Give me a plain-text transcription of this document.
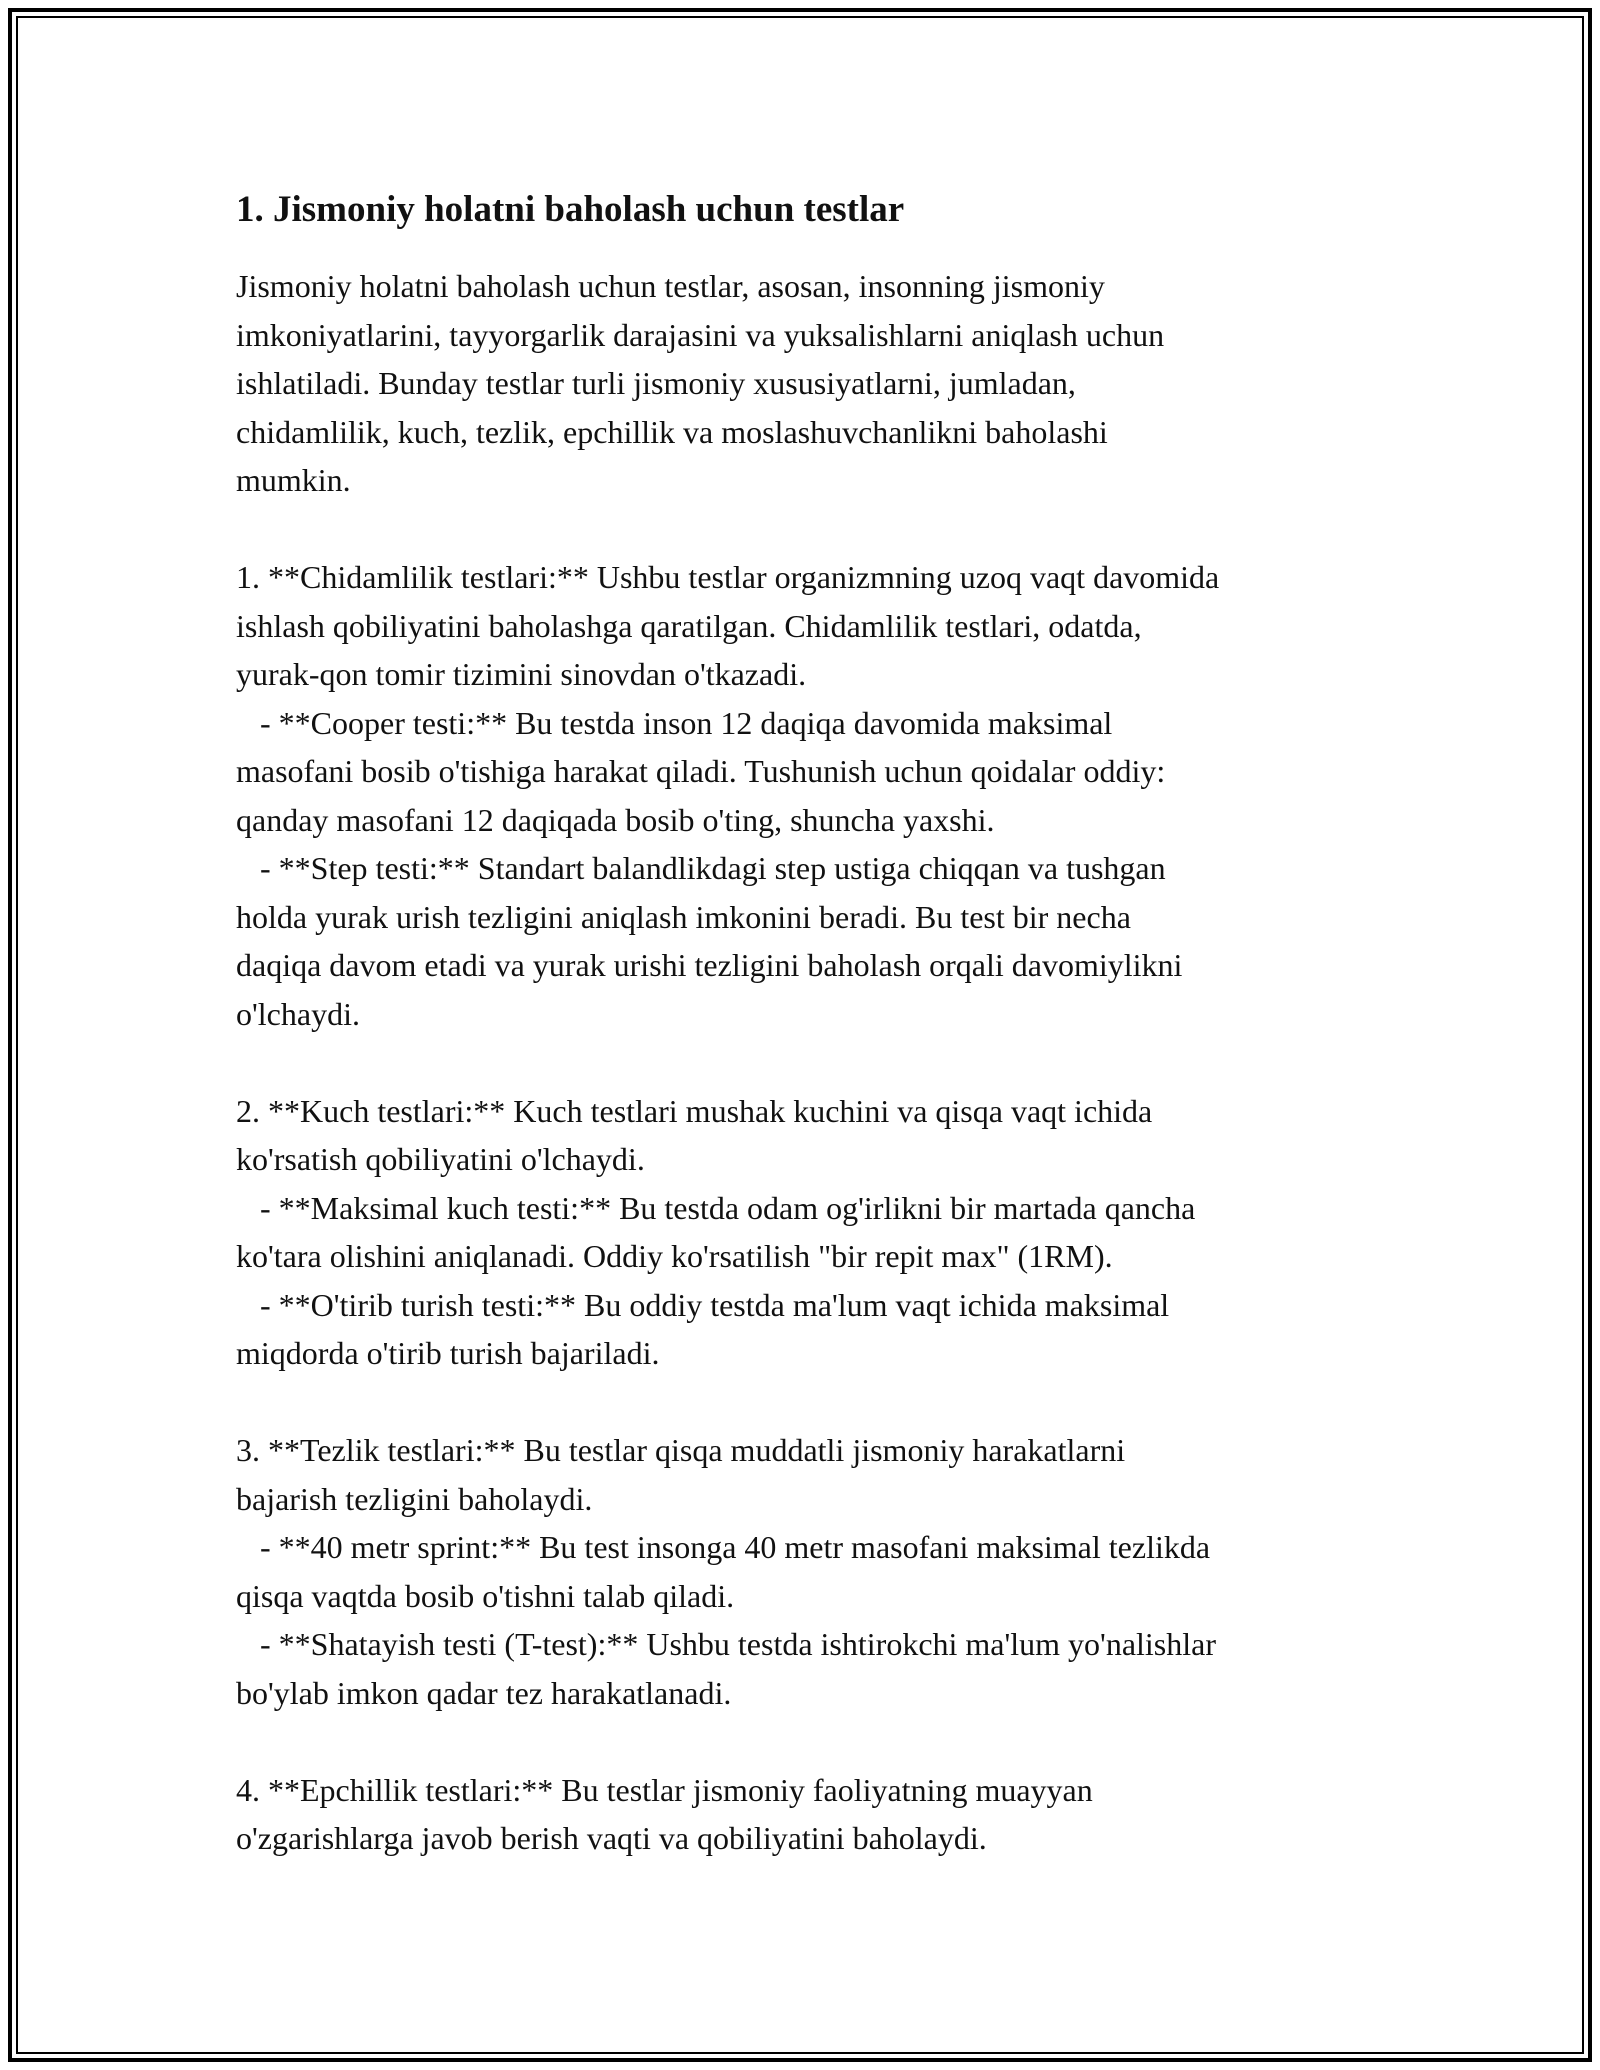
1. Jismoniy holatni baholash uchun testlar

Jismoniy holatni baholash uchun testlar, asosan, insonning jismoniy
imkoniyatlarini, tayyorgarlik darajasini va yuksalishlarni aniqlash uchun
ishlatiladi. Bunday testlar turli jismoniy xususiyatlarni, jumladan,
chidamlilik, kuch, tezlik, epchillik va moslashuvchanlikni baholashi
mumkin.

1. **Chidamlilik testlari:** Ushbu testlar organizmning uzoq vaqt davomida
ishlash qobiliyatini baholashga qaratilgan. Chidamlilik testlari, odatda,
yurak-qon tomir tizimini sinovdan o'tkazadi.
- **Cooper testi:** Bu testda inson 12 daqiqa davomida maksimal
masofani bosib o'tishiga harakat qiladi. Tushunish uchun qoidalar oddiy:
qanday masofani 12 daqiqada bosib o'ting, shuncha yaxshi.
- **Step testi:** Standart balandlikdagi step ustiga chiqqan va tushgan
holda yurak urish tezligini aniqlash imkonini beradi. Bu test bir necha
daqiqa davom etadi va yurak urishi tezligini baholash orqali davomiylikni
o'lchaydi.

2. **Kuch testlari:** Kuch testlari mushak kuchini va qisqa vaqt ichida
ko'rsatish qobiliyatini o'lchaydi.
- **Maksimal kuch testi:** Bu testda odam og'irlikni bir martada qancha
ko'tara olishini aniqlanadi. Oddiy ko'rsatilish "bir repit max" (1RM).
- **O'tirib turish testi:** Bu oddiy testda ma'lum vaqt ichida maksimal
miqdorda o'tirib turish bajariladi.

3. **Tezlik testlari:** Bu testlar qisqa muddatli jismoniy harakatlarni
bajarish tezligini baholaydi.
- **40 metr sprint:** Bu test insonga 40 metr masofani maksimal tezlikda
qisqa vaqtda bosib o'tishni talab qiladi.
- **Shatayish testi (T-test):** Ushbu testda ishtirokchi ma'lum yo'nalishlar
bo'ylab imkon qadar tez harakatlanadi.

4. **Epchillik testlari:** Bu testlar jismoniy faoliyatning muayyan
o'zgarishlarga javob berish vaqti va qobiliyatini baholaydi.
